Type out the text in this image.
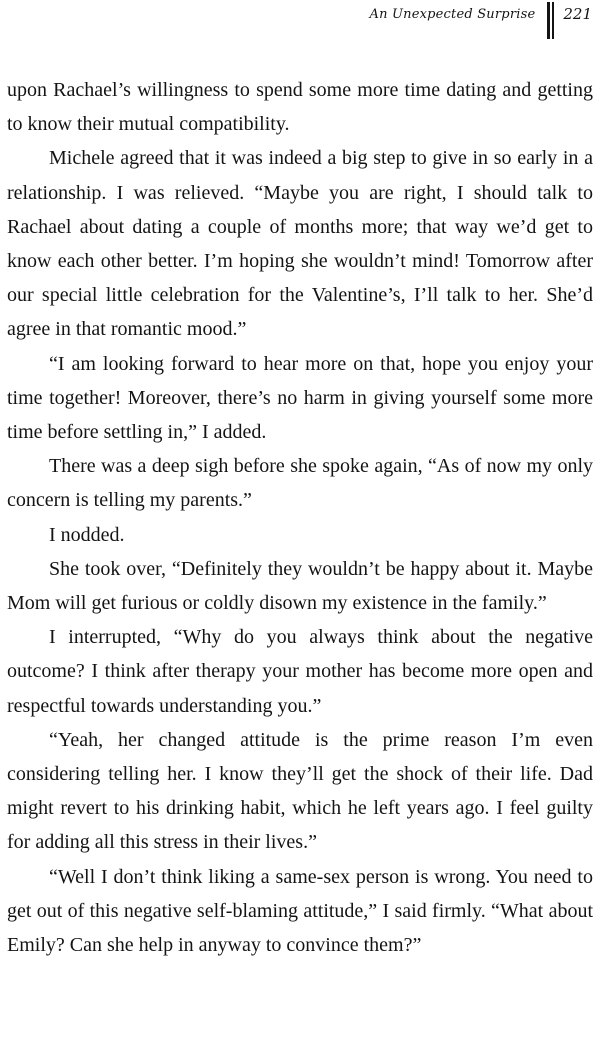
An Unexpected Surprise 221

upon Rachael’s willingness to spend some more time dating and getting to know their mutual compatibility.

Michele agreed that it was indeed a big step to give in so early in a relationship. I was relieved. “Maybe you are right, I should talk to Rachael about dating a couple of months more; that way we’d get to know each other better. I’m hoping she wouldn’t mind! Tomorrow after our special little celebration for the Valentine’s, I’ll talk to her. She’d agree in that romantic mood.”

“I am looking forward to hear more on that, hope you enjoy your time together! Moreover, there’s no harm in giving yourself some more time before settling in,” I added.

There was a deep sigh before she spoke again, “As of now my only concern is telling my parents.”

I nodded.

She took over, “Definitely they wouldn’t be happy about it. Maybe Mom will get furious or coldly disown my existence in the family.”

I interrupted, “Why do you always think about the negative outcome? I think after therapy your mother has become more open and respectful towards understanding you.”

“Yeah, her changed attitude is the prime reason I’m even considering telling her. I know they’ll get the shock of their life. Dad might revert to his drinking habit, which he left years ago. I feel guilty for adding all this stress in their lives.”

“Well I don’t think liking a same-sex person is wrong. You need to get out of this negative self-blaming attitude,” I said firmly. “What about Emily? Can she help in anyway to convince them?”
